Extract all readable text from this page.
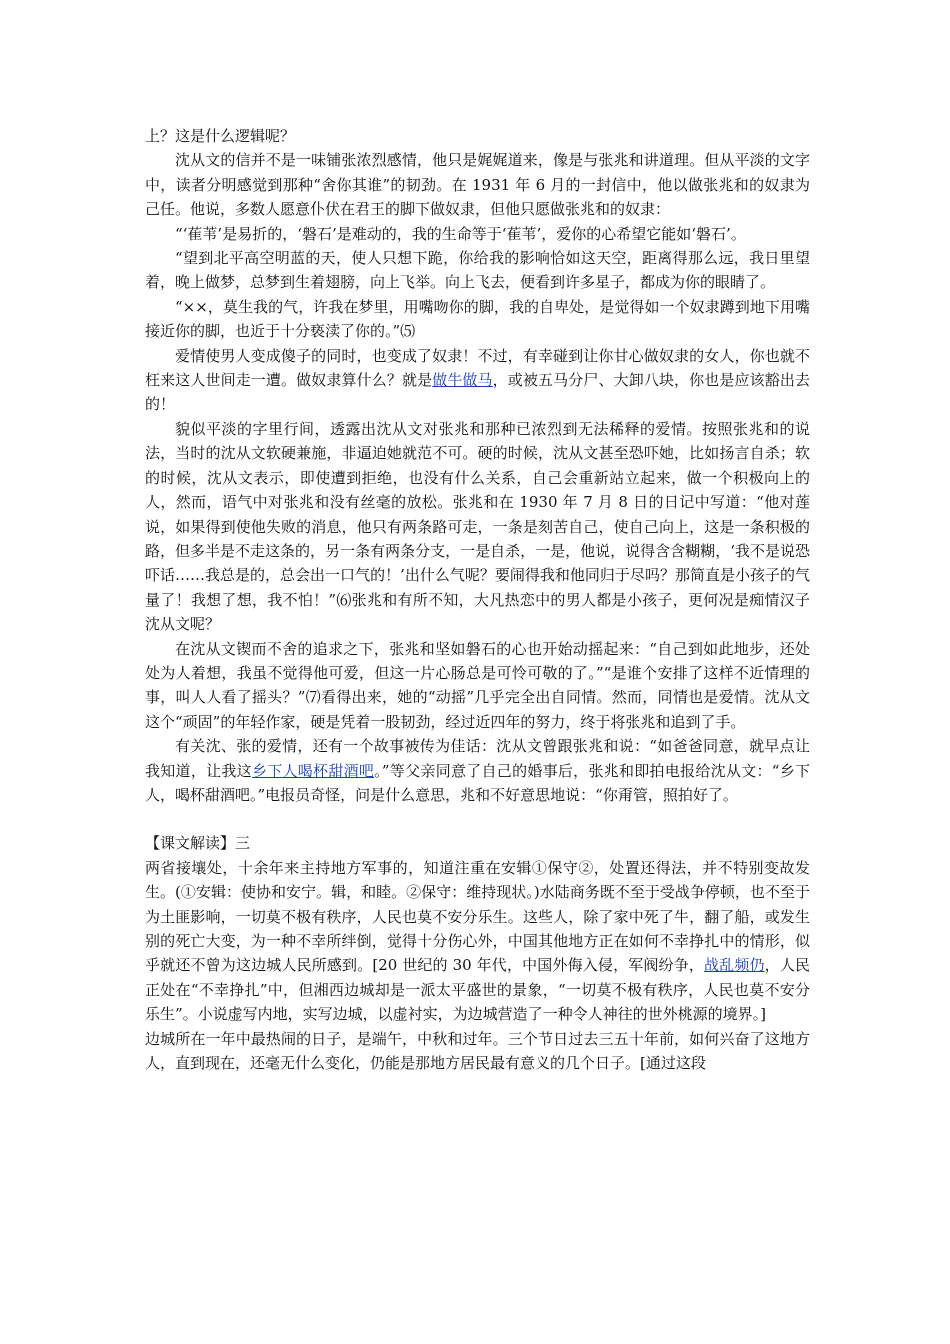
上？这是什么逻辑呢？

沈从文的信并不是一味铺张浓烈感情，他只是娓娓道来，像是与张兆和讲道理。但从平淡的文字中，读者分明感觉到那种“舍你其谁”的韧劲。在 1931 年 6 月的一封信中，他以做张兆和的奴隶为己任。他说，多数人愿意仆伏在君王的脚下做奴隶，但他只愿做张兆和的奴隶：

“‘萑苇’是易折的，‘磐石’是难动的，我的生命等于‘萑苇’，爱你的心希望它能如‘磐石’。

“望到北平高空明蓝的天，使人只想下跪，你给我的影响恰如这天空，距离得那么远，我日里望着，晚上做梦，总梦到生着翅膀，向上飞举。向上飞去，便看到许多星子，都成为你的眼睛了。

“××，莫生我的气，许我在梦里，用嘴吻你的脚，我的自卑处，是觉得如一个奴隶蹲到地下用嘴接近你的脚，也近于十分亵渎了你的。”⑸

爱情使男人变成傻子的同时，也变成了奴隶！不过，有幸碰到让你甘心做奴隶的女人，你也就不枉来这人世间走一遭。做奴隶算什么？就是做牛做马，或被五马分尸、大卸八块，你也是应该豁出去的！

貌似平淡的字里行间，透露出沈从文对张兆和那种已浓烈到无法稀释的爱情。按照张兆和的说法，当时的沈从文软硬兼施，非逼迫她就范不可。硬的时候，沈从文甚至恐吓她，比如扬言自杀；软的时候，沈从文表示，即使遭到拒绝，也没有什么关系，自己会重新站立起来，做一个积极向上的人，然而，语气中对张兆和没有丝毫的放松。张兆和在 1930 年 7 月 8 日的日记中写道：“他对莲说，如果得到使他失败的消息，他只有两条路可走，一条是刻苦自己，使自己向上，这是一条积极的路，但多半是不走这条的，另一条有两条分支，一是自杀，一是，他说，说得含含糊糊，‘我不是说恐吓话……我总是的，总会出一口气的！’出什么气呢？要闹得我和他同归于尽吗？那简直是小孩子的气量了！我想了想，我不怕！”⑹张兆和有所不知，大凡热恋中的男人都是小孩子，更何况是痴情汉子沈从文呢？

在沈从文锲而不舍的追求之下，张兆和坚如磐石的心也开始动摇起来：“自己到如此地步，还处处为人着想，我虽不觉得他可爱，但这一片心肠总是可怜可敬的了。”“是谁个安排了这样不近情理的事，叫人人看了摇头？”⑺看得出来，她的“动摇”几乎完全出自同情。然而，同情也是爱情。沈从文这个“顽固”的年轻作家，硬是凭着一股韧劲，经过近四年的努力，终于将张兆和追到了手。

有关沈、张的爱情，还有一个故事被传为佳话：沈从文曾跟张兆和说：“如爸爸同意，就早点让我知道，让我这乡下人喝杯甜酒吧。”等父亲同意了自己的婚事后，张兆和即拍电报给沈从文：“乡下人，喝杯甜酒吧。”电报员奇怪，问是什么意思，兆和不好意思地说：“你甭管，照拍好了。

【课文解读】三

两省接壤处，十余年来主持地方军事的，知道注重在安辑①保守②，处置还得法，并不特别变故发生。(①安辑：使协和安宁。辑，和睦。②保守：维持现状。)水陆商务既不至于受战争停顿，也不至于为土匪影响，一切莫不极有秩序，人民也莫不安分乐生。这些人，除了家中死了牛，翻了船，或发生别的死亡大变，为一种不幸所绊倒，觉得十分伤心外，中国其他地方正在如何不幸挣扎中的情形，似乎就还不曾为这边城人民所感到。[20 世纪的 30 年代，中国外侮入侵，军阀纷争，战乱频仍，人民正处在“不幸挣扎”中，但湘西边城却是一派太平盛世的景象，“一切莫不极有秩序，人民也莫不安分乐生”。小说虚写内地，实写边城，以虚衬实，为边城营造了一种令人神往的世外桃源的境界。]

边城所在一年中最热闹的日子，是端午，中秋和过年。三个节日过去三五十年前，如何兴奋了这地方人，直到现在，还毫无什么变化，仍能是那地方居民最有意义的几个日子。[通过这段
